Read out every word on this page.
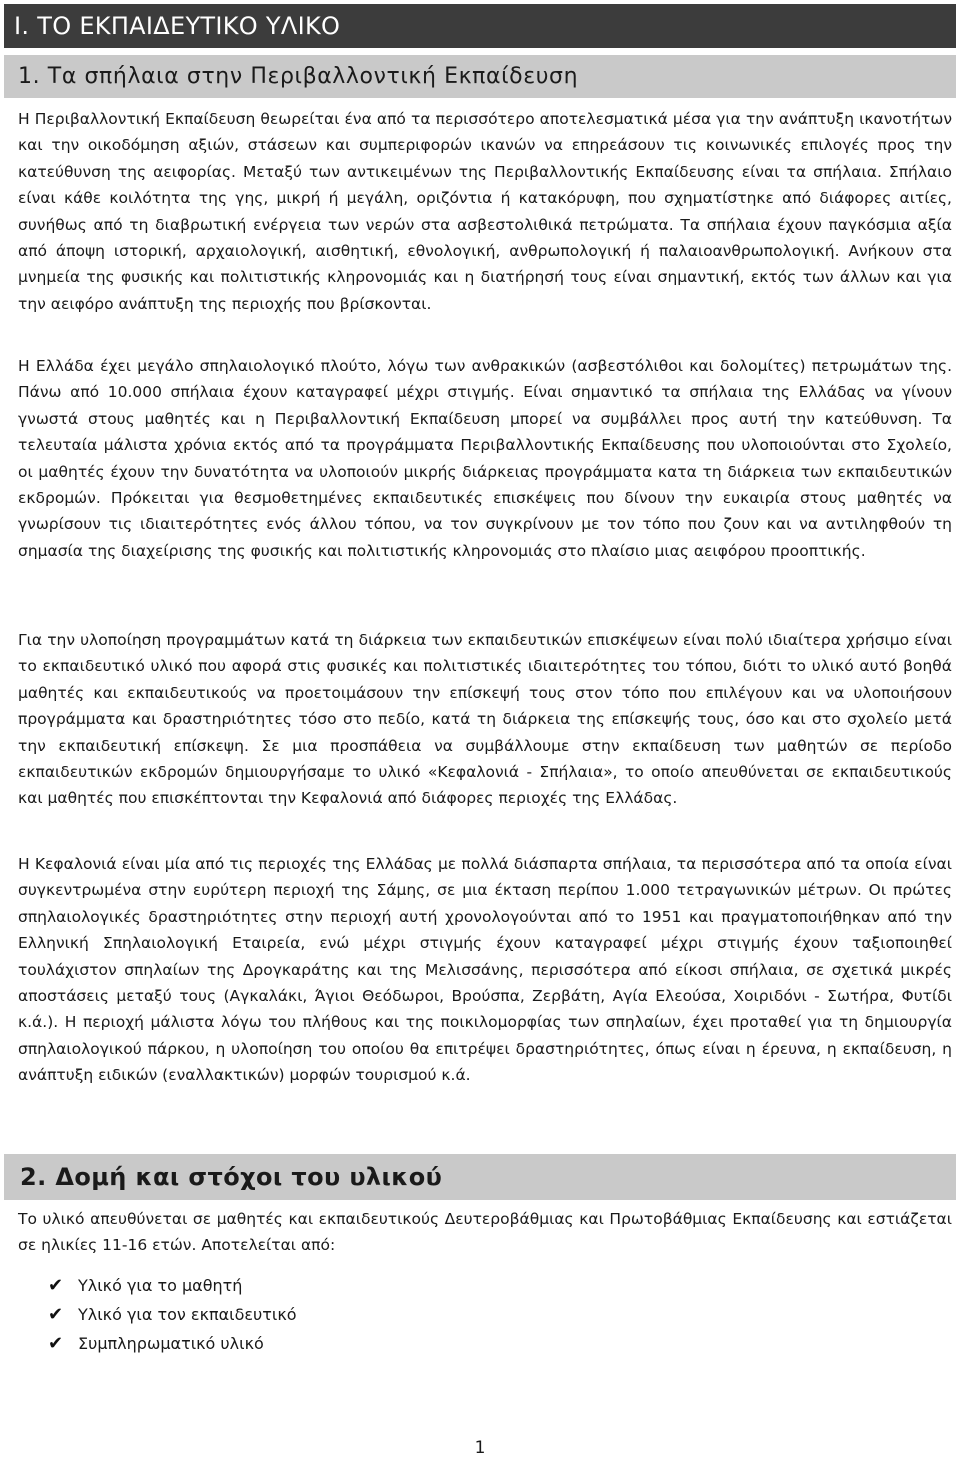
Ι. ΤΟ ΕΚΠΑΙΔΕΥΤΙΚΟ ΥΛΙΚΟ
1. Τα σπήλαια στην Περιβαλλοντική Εκπαίδευση

Η Περιβαλλοντική Εκπαίδευση θεωρείται ένα από τα περισσότερο αποτελεσματικά μέσα για την ανάπτυξη ικανοτήτων και την οικοδόμηση αξιών, στάσεων και συμπεριφορών ικανών να επηρεάσουν τις κοινωνικές επιλογές προς την κατεύθυνση της αειφορίας. Μεταξύ των αντικειμένων της Περιβαλλοντικής Εκπαίδευσης είναι τα σπήλαια. Σπήλαιο είναι κάθε κοιλότητα της γης, μικρή ή μεγάλη, οριζόντια ή κατακόρυφη, που σχηματίστηκε από διάφορες αιτίες, συνήθως από τη διαβρωτική ενέργεια των νερών στα ασβεστολιθικά πετρώματα. Τα σπήλαια έχουν παγκόσμια αξία από άποψη ιστορική, αρχαιολογική, αισθητική, εθνολογική, ανθρωπολογική ή παλαιοανθρωπολογική. Ανήκουν στα μνημεία της φυσικής και πολιτιστικής κληρονομιάς και η διατήρησή τους είναι σημαντική, εκτός των άλλων και για την αειφόρο ανάπτυξη της περιοχής που βρίσκονται.

Η Ελλάδα έχει μεγάλο σπηλαιολογικό πλούτο, λόγω των ανθρακικών (ασβεστόλιθοι και δολομίτες) πετρωμάτων της. Πάνω από 10.000 σπήλαια έχουν καταγραφεί μέχρι στιγμής. Είναι σημαντικό τα σπήλαια της Ελλάδας να γίνουν γνωστά στους μαθητές και η Περιβαλλοντική Εκπαίδευση μπορεί να συμβάλλει προς αυτή την κατεύθυνση. Τα τελευταία μάλιστα χρόνια εκτός από τα προγράμματα Περιβαλλοντικής Εκπαίδευσης που υλοποιούνται στο Σχολείο, οι μαθητές έχουν την δυνατότητα να υλοποιούν μικρής διάρκειας προγράμματα κατα τη διάρκεια των εκπαιδευτικών εκδρομών. Πρόκειται για θεσμοθετημένες εκπαιδευτικές επισκέψεις που δίνουν την ευκαιρία στους μαθητές να γνωρίσουν τις ιδιαιτερότητες ενός άλλου τόπου, να τον συγκρίνουν με τον τόπο που ζουν και να αντιληφθούν τη σημασία της διαχείρισης της φυσικής και πολιτιστικής κληρονομιάς στο πλαίσιο μιας αειφόρου προοπτικής.

Για την υλοποίηση προγραμμάτων κατά τη διάρκεια των εκπαιδευτικών επισκέψεων είναι πολύ ιδιαίτερα χρήσιμο είναι το εκπαιδευτικό υλικό που αφορά στις φυσικές και πολιτιστικές ιδιαιτερότητες του τόπου, διότι το υλικό αυτό βοηθά μαθητές και εκπαιδευτικούς να προετοιμάσουν την επίσκεψή τους στον τόπο που επιλέγουν και να υλοποιήσουν προγράμματα και δραστηριότητες τόσο στο πεδίο, κατά τη διάρκεια της επίσκεψής τους, όσο και στο σχολείο μετά την εκπαιδευτική επίσκεψη. Σε μια προσπάθεια να συμβάλλουμε στην εκπαίδευση των μαθητών σε περίοδο εκπαιδευτικών εκδρομών δημιουργήσαμε το υλικό «Κεφαλονιά - Σπήλαια», το οποίο απευθύνεται σε εκπαιδευτικούς και μαθητές που επισκέπτονται την Κεφαλονιά από διάφορες περιοχές της Ελλάδας.

Η Κεφαλονιά είναι μία από τις περιοχές της Ελλάδας με πολλά διάσπαρτα σπήλαια, τα περισσότερα από τα οποία είναι συγκεντρωμένα στην ευρύτερη περιοχή της Σάμης, σε μια έκταση περίπου 1.000 τετραγωνικών μέτρων. Οι πρώτες σπηλαιολογικές δραστηριότητες στην περιοχή αυτή χρονολογούνται από το 1951 και πραγματοποιήθηκαν από την Ελληνική Σπηλαιολογική Εταιρεία, ενώ μέχρι στιγμής έχουν καταγραφεί μέχρι στιγμής έχουν ταξιοποιηθεί τουλάχιστον σπηλαίων της Δρογκαράτης και της Μελισσάνης, περισσότερα από είκοσι σπήλαια, σε σχετικά μικρές αποστάσεις μεταξύ τους (Αγκαλάκι, Άγιοι Θεόδωροι, Βρούσπα, Ζερβάτη, Αγία Ελεούσα, Χοιριδόνι - Σωτήρα, Φυτίδι κ.ά.). Η περιοχή μάλιστα λόγω του πλήθους και της ποικιλομορφίας των σπηλαίων, έχει προταθεί για τη δημιουργία σπηλαιολογικού πάρκου, η υλοποίηση του οποίου θα επιτρέψει δραστηριότητες, όπως είναι η έρευνα, η εκπαίδευση, η ανάπτυξη ειδικών (εναλλακτικών) μορφών τουρισμού κ.ά.

2. Δομή και στόχοι του υλικού

Το υλικό απευθύνεται σε μαθητές και εκπαιδευτικούς Δευτεροβάθμιας και Πρωτοβάθμιας Εκπαίδευσης και εστιάζεται σε ηλικίες 11-16 ετών. Αποτελείται από:

✔ Υλικό για το μαθητή
✔ Υλικό για τον εκπαιδευτικό
✔ Συμπληρωματικό υλικό
1
